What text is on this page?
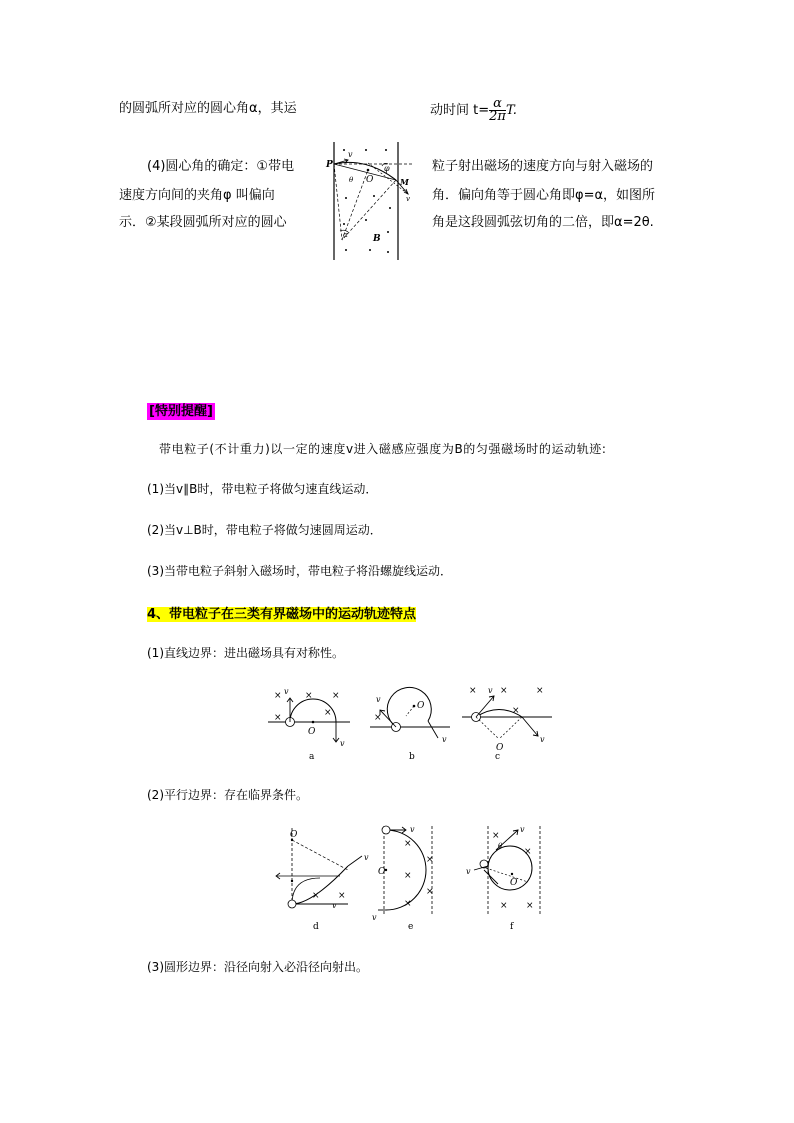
的圆弧所对应的圆心角α，其运	动时间 $t= \frac{\alpha}{2\pi} T$.
(4)圆心角的确定：①带电
速度方向间的夹角φ 叫偏向
示．②某段圆弧所对应的圆心
粒子射出磁场的速度方向与射入磁场的
角．偏向角等于圆心角即φ=α，如图所
角是这段圆弧弦切角的二倍，即α=2θ.
P
v
φ
θ O	M
v
α	B
[特别提醒]
带电粒子(不计重力)以一定的速度v进入磁感应强度为B的匀强磁场时的运动轨迹:
(1)当v∥B时，带电粒子将做匀速直线运动．
(2)当v⊥B时，带电粒子将做匀速圆周运动．
(3)当带电粒子斜射入磁场时，带电粒子将沿螺旋线运动．
4、带电粒子在三类有界磁场中的运动轨迹特点
(1)直线边界：进出磁场具有对称性。
×	× ×
×	×
v
v
O
a
×
v
v
O
b
×	×	×
×
v
v
O
c
(2)平行边界：存在临界条件。
O
v
v
× ×
d
O
v
v
×
×
×
×
×
e
θ
O
v
v
×
×
× ×
f
(3)圆形边界：沿径向射入必沿径向射出。
